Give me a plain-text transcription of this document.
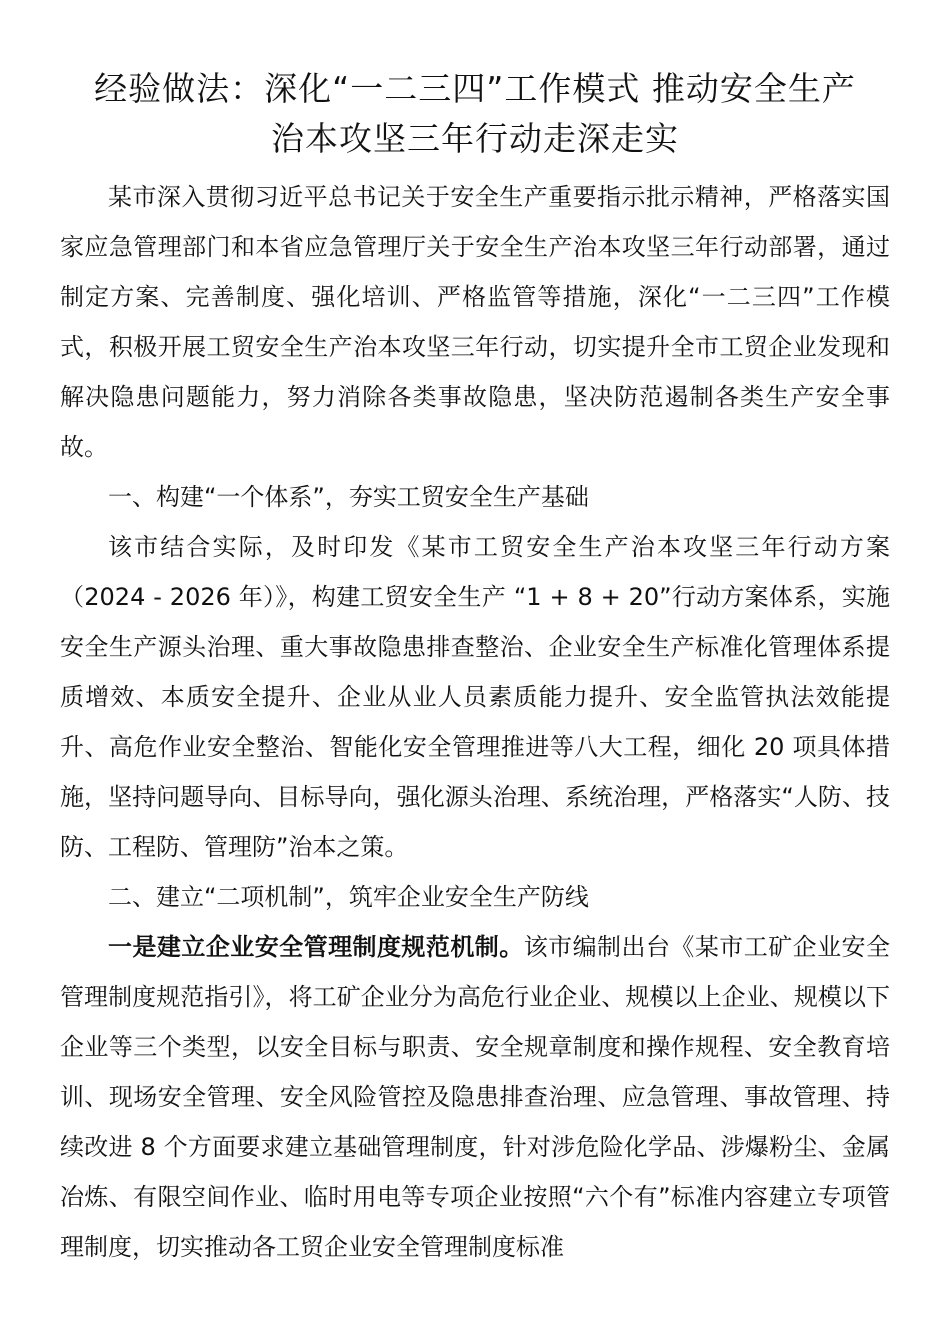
经验做法：深化“一二三四”工作模式 推动安全生产
治本攻坚三年行动走深走实

某市深入贯彻习近平总书记关于安全生产重要指示批示精神，严格落实国家应急管理部门和本省应急管理厅关于安全生产治本攻坚三年行动部署，通过制定方案、完善制度、强化培训、严格监管等措施，深化“一二三四”工作模式，积极开展工贸安全生产治本攻坚三年行动，切实提升全市工贸企业发现和解决隐患问题能力，努力消除各类事故隐患，坚决防范遏制各类生产安全事故。

一、构建“一个体系”，夯实工贸安全生产基础

该市结合实际，及时印发《某市工贸安全生产治本攻坚三年行动方案（2024 - 2026 年）》，构建工贸安全生产 “1 + 8 + 20”行动方案体系，实施安全生产源头治理、重大事故隐患排查整治、企业安全生产标准化管理体系提质增效、本质安全提升、企业从业人员素质能力提升、安全监管执法效能提升、高危作业安全整治、智能化安全管理推进等八大工程，细化 20 项具体措施，坚持问题导向、目标导向，强化源头治理、系统治理，严格落实“人防、技防、工程防、管理防”治本之策。

二、建立“二项机制”，筑牢企业安全生产防线

一是建立企业安全管理制度规范机制。该市编制出台《某市工矿企业安全管理制度规范指引》，将工矿企业分为高危行业企业、规模以上企业、规模以下企业等三个类型，以安全目标与职责、安全规章制度和操作规程、安全教育培训、现场安全管理、安全风险管控及隐患排查治理、应急管理、事故管理、持续改进 8 个方面要求建立基础管理制度，针对涉危险化学品、涉爆粉尘、金属冶炼、有限空间作业、临时用电等专项企业按照“六个有”标准内容建立专项管理制度，切实推动各工贸企业安全管理制度标准
